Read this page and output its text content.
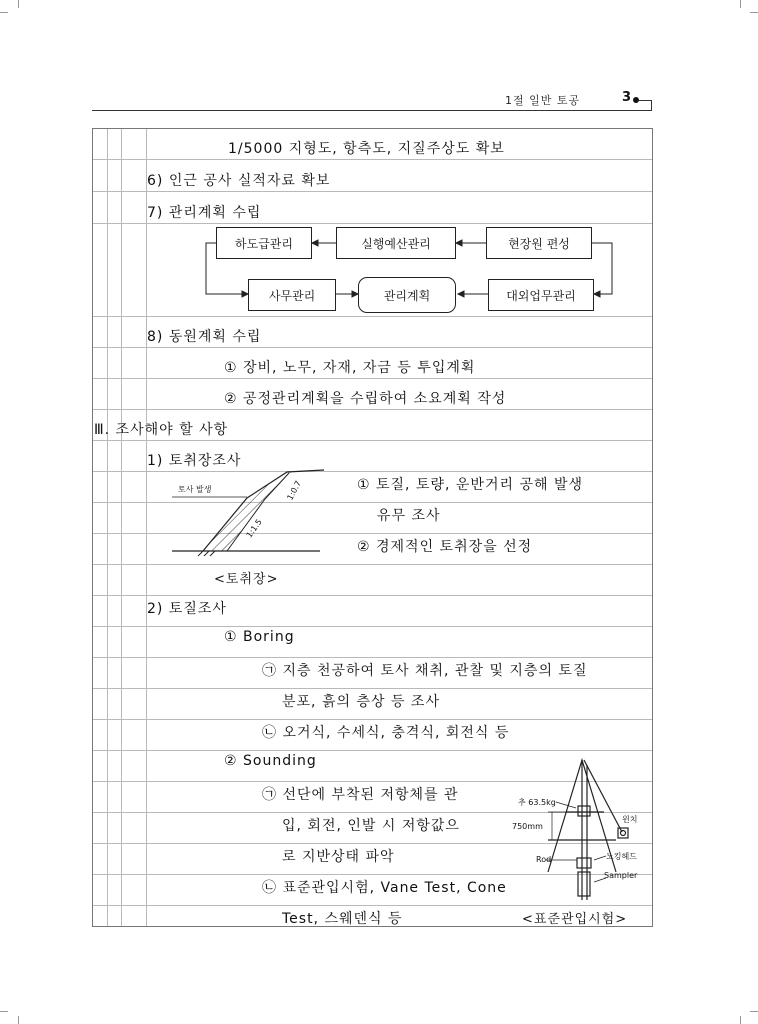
1절 일반 토공	3
1/5000 지형도, 항측도, 지질주상도 확보
6) 인근 공사 실적자료 확보
7) 관리계획 수립
하도급관리	실행예산관리	현장원 편성
사무관리	관리계획	대외업무관리
8) 동원계획 수립
① 장비, 노무, 자재, 자금 등 투입계획
② 공정관리계획을 수립하여 소요계획 작성
Ⅲ. 조사해야 할 사항
1) 토취장조사
토사 발생	1:0.7
1:1.5
① 토질, 토량, 운반거리 공해 발생
유무 조사
② 경제적인 토취장을 선정
<토취장>
2) 토질조사
① Boring
㉠ 지층 천공하여 토사 채취, 관찰 및 지층의 토질
분포, 흙의 층상 등 조사
㉡ 오거식, 수세식, 충격식, 회전식 등
② Sounding
㉠ 선단에 부착된 저항체를 관
입, 회전, 인발 시 저항값으
로 지반상태 파악
㉡ 표준관입시험, Vane Test, Cone
Test, 스웨덴식 등	<표준관입시험>
추 63.5kg
750mm
윈치
Rod	노킹헤드
Sampler
